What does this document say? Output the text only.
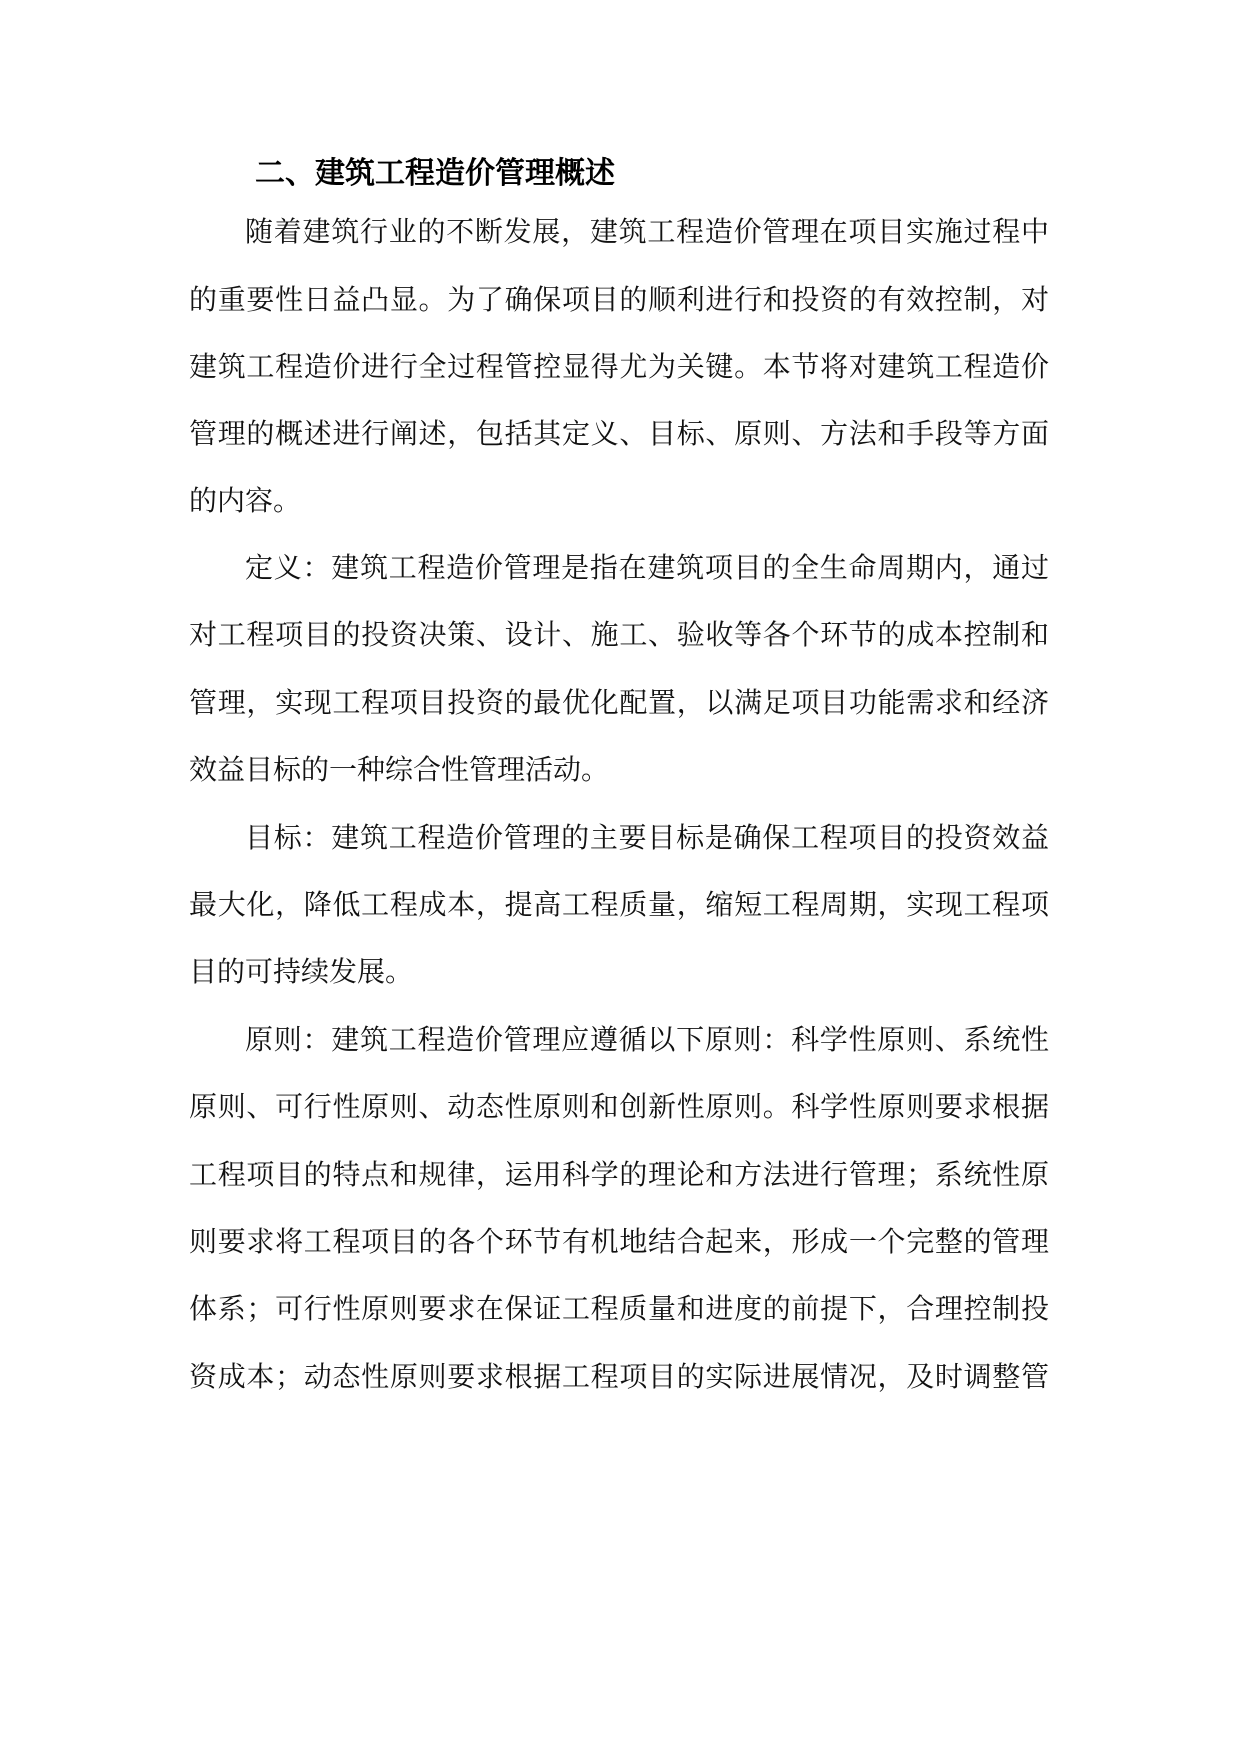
二、建筑工程造价管理概述
随着建筑行业的不断发展，建筑工程造价管理在项目实施过程中
的重要性日益凸显。为了确保项目的顺利进行和投资的有效控制，对
建筑工程造价进行全过程管控显得尤为关键。本节将对建筑工程造价
管理的概述进行阐述，包括其定义、目标、原则、方法和手段等方面
的内容。
定义：建筑工程造价管理是指在建筑项目的全生命周期内，通过
对工程项目的投资决策、设计、施工、验收等各个环节的成本控制和
管理，实现工程项目投资的最优化配置，以满足项目功能需求和经济
效益目标的一种综合性管理活动。
目标：建筑工程造价管理的主要目标是确保工程项目的投资效益
最大化，降低工程成本，提高工程质量，缩短工程周期，实现工程项
目的可持续发展。
原则：建筑工程造价管理应遵循以下原则：科学性原则、系统性
原则、可行性原则、动态性原则和创新性原则。科学性原则要求根据
工程项目的特点和规律，运用科学的理论和方法进行管理；系统性原
则要求将工程项目的各个环节有机地结合起来，形成一个完整的管理
体系；可行性原则要求在保证工程质量和进度的前提下，合理控制投
资成本；动态性原则要求根据工程项目的实际进展情况，及时调整管
